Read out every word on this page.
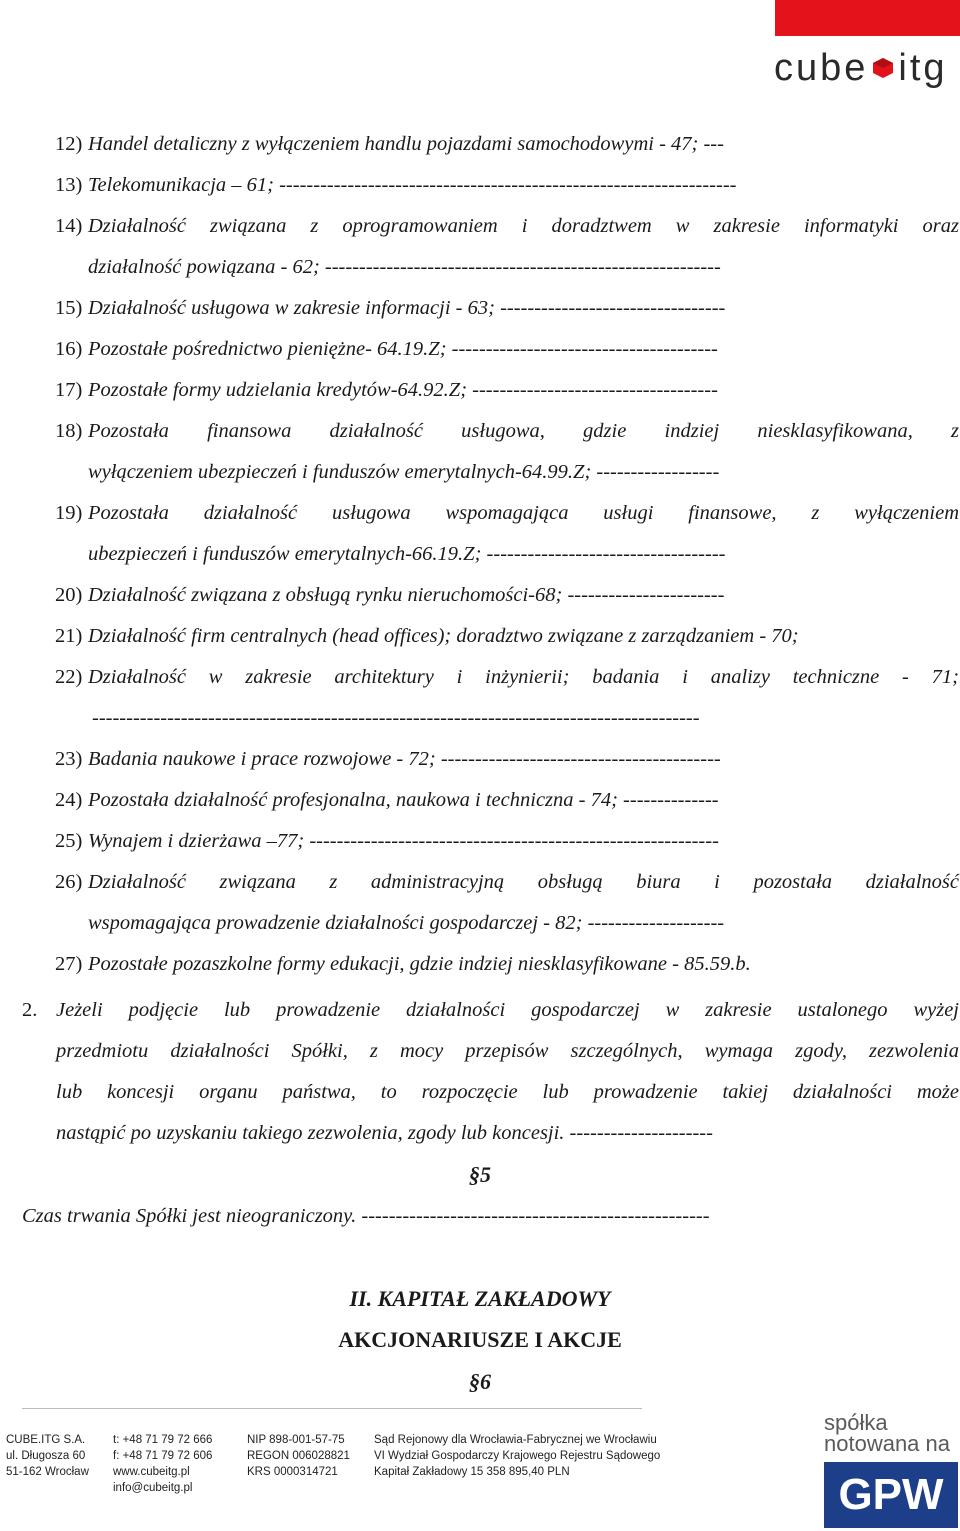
cube itg
12) Handel detaliczny z wyłączeniem handlu pojazdami samochodowymi - 47; ---
13) Telekomunikacja – 61; -------------------------------------------------------------------
14) Działalność związana z oprogramowaniem i doradztwem w zakresie informatyki oraz
działalność powiązana - 62; ----------------------------------------------------------
15) Działalność usługowa w zakresie informacji - 63; ---------------------------------
16) Pozostałe pośrednictwo pieniężne- 64.19.Z; ---------------------------------------
17) Pozostałe formy udzielania kredytów-64.92.Z; ------------------------------------
18) Pozostała finansowa działalność usługowa, gdzie indziej niesklasyfikowana, z
wyłączeniem ubezpieczeń i funduszów emerytalnych-64.99.Z; ------------------
19) Pozostała działalność usługowa wspomagająca usługi finansowe, z wyłączeniem
ubezpieczeń i funduszów emerytalnych-66.19.Z; -----------------------------------
20) Działalność związana z obsługą rynku nieruchomości-68; -----------------------
21) Działalność firm centralnych (head offices); doradztwo związane z zarządzaniem - 70;
22) Działalność w zakresie architektury i inżynierii; badania i analizy techniczne - 71;
-----------------------------------------------------------------------------------------
23) Badania naukowe i prace rozwojowe - 72; -----------------------------------------
24) Pozostała działalność profesjonalna, naukowa i techniczna - 74; --------------
25) Wynajem i dzierżawa –77; ------------------------------------------------------------
26) Działalność związana z administracyjną obsługą biura i pozostała działalność
wspomagająca prowadzenie działalności gospodarczej - 82; --------------------
27) Pozostałe pozaszkolne formy edukacji, gdzie indziej niesklasyfikowane - 85.59.b.
2. Jeżeli podjęcie lub prowadzenie działalności gospodarczej w zakresie ustalonego wyżej
przedmiotu działalności Spółki, z mocy przepisów szczególnych, wymaga zgody, zezwolenia
lub koncesji organu państwa, to rozpoczęcie lub prowadzenie takiej działalności może
nastąpić po uzyskaniu takiego zezwolenia, zgody lub koncesji. ---------------------
§5
Czas trwania Spółki jest nieograniczony. ---------------------------------------------------
II. KAPITAŁ ZAKŁADOWY
AKCJONARIUSZE I AKCJE
§6
CUBE.ITG S.A.
ul. Długosza 60
51-162 Wrocław
t: +48 71 79 72 666
f: +48 71 79 72 606
www.cubeitg.pl
info@cubeitg.pl
NIP 898-001-57-75
REGON 006028821
KRS 0000314721
Sąd Rejonowy dla Wrocławia-Fabrycznej we Wrocławiu
VI Wydział Gospodarczy Krajowego Rejestru Sądowego
Kapitał Zakładowy 15 358 895,40 PLN
spółka
notowana na
GPW
